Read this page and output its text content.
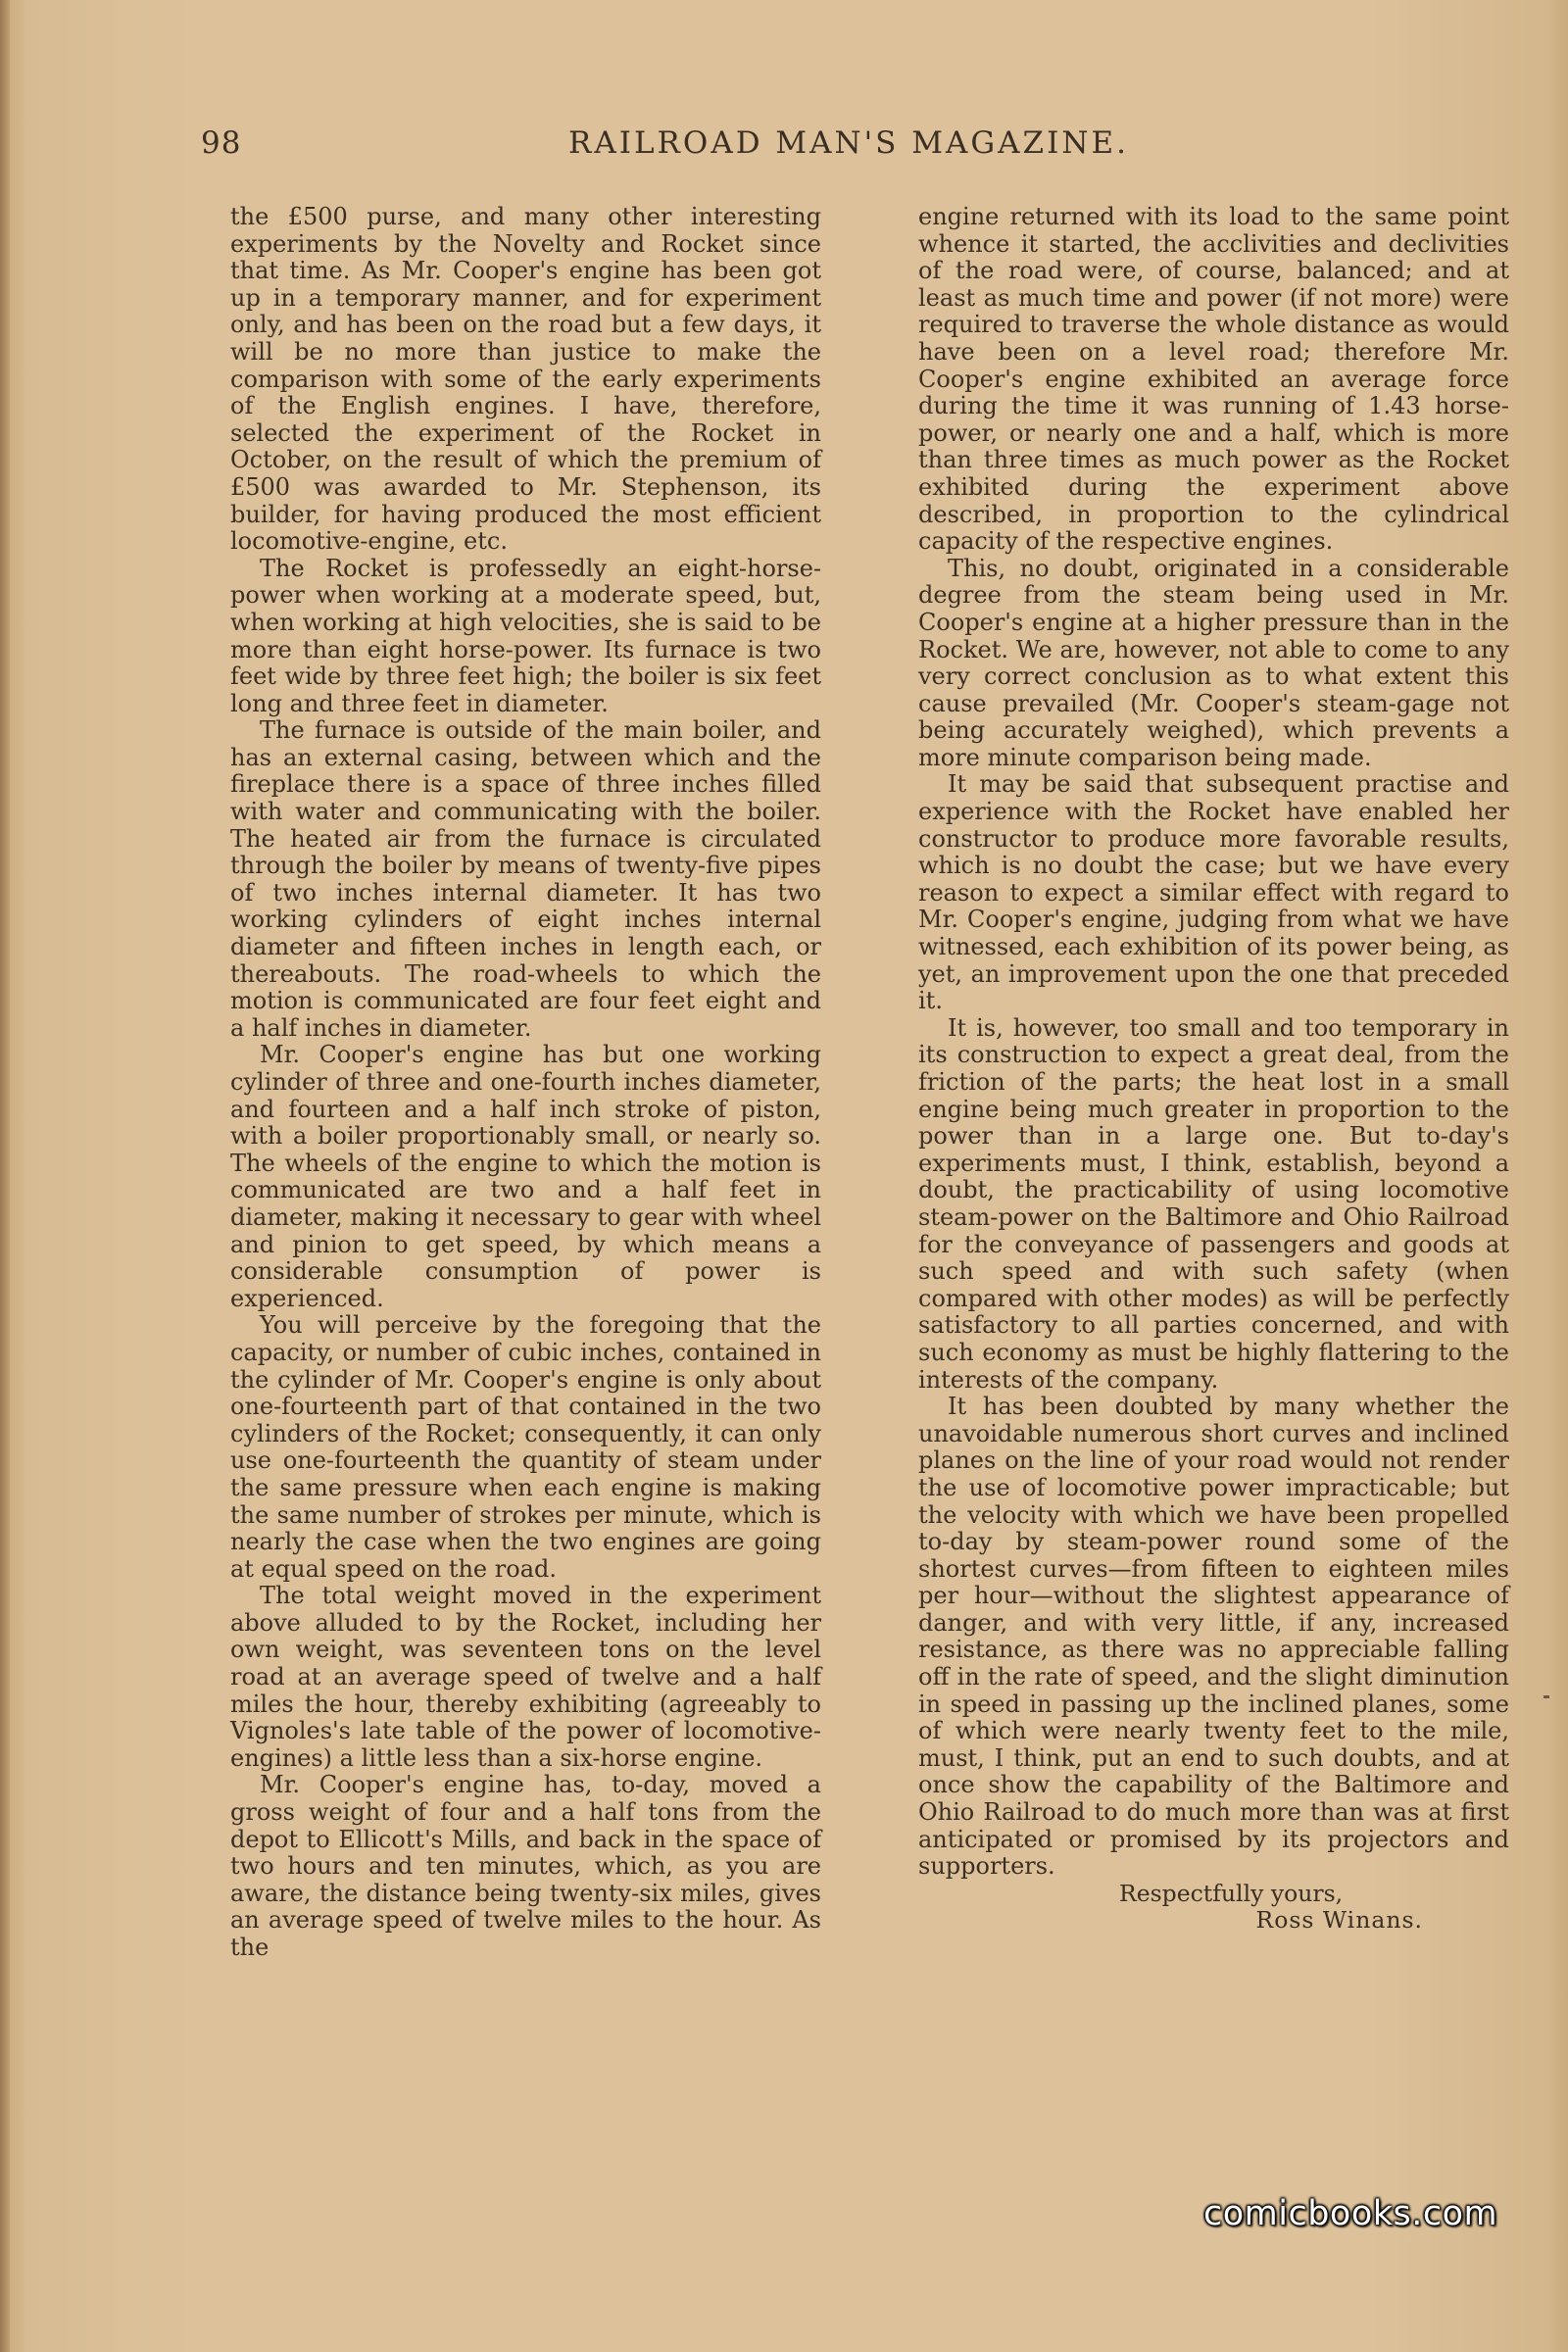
98	RAILROAD MAN'S MAGAZINE.

the £500 purse, and many other interesting experiments by the Novelty and Rocket since that time. As Mr. Cooper's engine has been got up in a temporary manner, and for experiment only, and has been on the road but a few days, it will be no more than justice to make the comparison with some of the early experiments of the English engines. I have, therefore, selected the experiment of the Rocket in October, on the result of which the premium of £500 was awarded to Mr. Stephenson, its builder, for having produced the most efficient locomotive-engine, etc.

The Rocket is professedly an eight-horse-power when working at a moderate speed, but, when working at high velocities, she is said to be more than eight horse-power. Its furnace is two feet wide by three feet high; the boiler is six feet long and three feet in diameter.

The furnace is outside of the main boiler, and has an external casing, between which and the fireplace there is a space of three inches filled with water and communicating with the boiler. The heated air from the furnace is circulated through the boiler by means of twenty-five pipes of two inches internal diameter. It has two working cylinders of eight inches internal diameter and fifteen inches in length each, or thereabouts. The road-wheels to which the motion is communicated are four feet eight and a half inches in diameter.

Mr. Cooper's engine has but one working cylinder of three and one-fourth inches diameter, and fourteen and a half inch stroke of piston, with a boiler proportionably small, or nearly so. The wheels of the engine to which the motion is communicated are two and a half feet in diameter, making it necessary to gear with wheel and pinion to get speed, by which means a considerable consumption of power is experienced.

You will perceive by the foregoing that the capacity, or number of cubic inches, contained in the cylinder of Mr. Cooper's engine is only about one-fourteenth part of that contained in the two cylinders of the Rocket; consequently, it can only use one-fourteenth the quantity of steam under the same pressure when each engine is making the same number of strokes per minute, which is nearly the case when the two engines are going at equal speed on the road.

The total weight moved in the experiment above alluded to by the Rocket, including her own weight, was seventeen tons on the level road at an average speed of twelve and a half miles the hour, thereby exhibiting (agreeably to Vignoles's late table of the power of locomotive-engines) a little less than a six-horse engine.

Mr. Cooper's engine has, to-day, moved a gross weight of four and a half tons from the depot to Ellicott's Mills, and back in the space of two hours and ten minutes, which, as you are aware, the distance being twenty-six miles, gives an average speed of twelve miles to the hour. As the

engine returned with its load to the same point whence it started, the acclivities and declivities of the road were, of course, balanced; and at least as much time and power (if not more) were required to traverse the whole distance as would have been on a level road; therefore Mr. Cooper's engine exhibited an average force during the time it was running of 1.43 horse-power, or nearly one and a half, which is more than three times as much power as the Rocket exhibited during the experiment above described, in proportion to the cylindrical capacity of the respective engines.

This, no doubt, originated in a considerable degree from the steam being used in Mr. Cooper's engine at a higher pressure than in the Rocket. We are, however, not able to come to any very correct conclusion as to what extent this cause prevailed (Mr. Cooper's steam-gage not being accurately weighed), which prevents a more minute comparison being made.

It may be said that subsequent practise and experience with the Rocket have enabled her constructor to produce more favorable results, which is no doubt the case; but we have every reason to expect a similar effect with regard to Mr. Cooper's engine, judging from what we have witnessed, each exhibition of its power being, as yet, an improvement upon the one that preceded it.

It is, however, too small and too temporary in its construction to expect a great deal, from the friction of the parts; the heat lost in a small engine being much greater in proportion to the power than in a large one. But to-day's experiments must, I think, establish, beyond a doubt, the practicability of using locomotive steam-power on the Baltimore and Ohio Railroad for the conveyance of passengers and goods at such speed and with such safety (when compared with other modes) as will be perfectly satisfactory to all parties concerned, and with such economy as must be highly flattering to the interests of the company.

It has been doubted by many whether the unavoidable numerous short curves and inclined planes on the line of your road would not render the use of locomotive power impracticable; but the velocity with which we have been propelled to-day by steam-power round some of the shortest curves—from fifteen to eighteen miles per hour—without the slightest appearance of danger, and with very little, if any, increased resistance, as there was no appreciable falling off in the rate of speed, and the slight diminution in speed in passing up the inclined planes, some of which were nearly twenty feet to the mile, must, I think, put an end to such doubts, and at once show the capability of the Baltimore and Ohio Railroad to do much more than was at first anticipated or promised by its projectors and supporters.

Respectfully yours,

Ross Winans.

comicbooks.com
